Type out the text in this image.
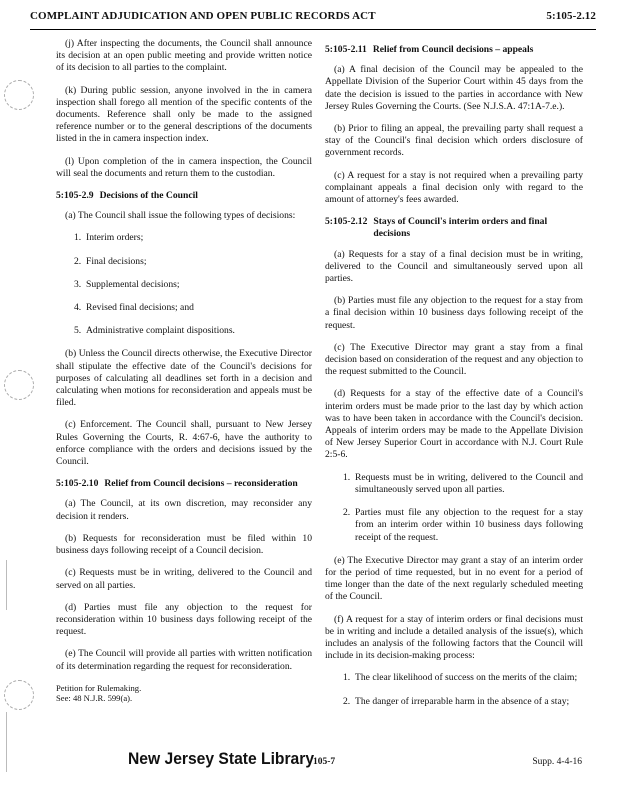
COMPLAINT ADJUDICATION AND OPEN PUBLIC RECORDS ACT	5:105-2.12

(j) After inspecting the documents, the Council shall announce its decision at an open public meeting and provide written notice of its decision to all parties to the complaint.

(k) During public session, anyone involved in the in camera inspection shall forego all mention of the specific contents of the documents. Reference shall only be made to the assigned reference number or to the general descriptions of the documents listed in the in camera inspection index.

(l) Upon completion of the in camera inspection, the Council will seal the documents and return them to the custodian.

5:105-2.9 Decisions of the Council

(a) The Council shall issue the following types of decisions:

1. Interim orders;
2. Final decisions;
3. Supplemental decisions;
4. Revised final decisions; and
5. Administrative complaint dispositions.

(b) Unless the Council directs otherwise, the Executive Director shall stipulate the effective date of the Council's decisions for purposes of calculating all deadlines set forth in a decision and calculating when motions for reconsideration and appeals must be filed.

(c) Enforcement. The Council shall, pursuant to New Jersey Rules Governing the Courts, R. 4:67-6, have the authority to enforce compliance with the orders and decisions issued by the Council.

5:105-2.10 Relief from Council decisions – reconsideration

(a) The Council, at its own discretion, may reconsider any decision it renders.

(b) Requests for reconsideration must be filed within 10 business days following receipt of a Council decision.

(c) Requests must be in writing, delivered to the Council and served on all parties.

(d) Parties must file any objection to the request for reconsideration within 10 business days following receipt of the request.

(e) The Council will provide all parties with written notification of its determination regarding the request for reconsideration.

Petition for Rulemaking.
See: 48 N.J.R. 599(a).
5:105-2.11 Relief from Council decisions – appeals

(a) A final decision of the Council may be appealed to the Appellate Division of the Superior Court within 45 days from the date the decision is issued to the parties in accordance with New Jersey Rules Governing the Courts. (See N.J.S.A. 47:1A-7.e.).

(b) Prior to filing an appeal, the prevailing party shall request a stay of the Council's final decision which orders disclosure of government records.

(c) A request for a stay is not required when a prevailing party complainant appeals a final decision only with regard to the amount of attorney's fees awarded.

5:105-2.12 Stays of Council's interim orders and final decisions

(a) Requests for a stay of a final decision must be in writing, delivered to the Council and simultaneously served upon all parties.

(b) Parties must file any objection to the request for a stay from a final decision within 10 business days following receipt of the request.

(c) The Executive Director may grant a stay from a final decision based on consideration of the request and any objection to the request submitted to the Council.

(d) Requests for a stay of the effective date of a Council's interim orders must be made prior to the last day by which action was to have been taken in accordance with the Council's decision. Appeals of interim orders may be made to the Appellate Division of New Jersey Superior Court in accordance with N.J. Court Rule 2:5-6.

1. Requests must be in writing, delivered to the Council and simultaneously served upon all parties.
2. Parties must file any objection to the request for a stay from an interim order within 10 business days following receipt of the request.

(e) The Executive Director may grant a stay of an interim order for the period of time requested, but in no event for a period of time longer than the date of the next regularly scheduled meeting of the Council.

(f) A request for a stay of interim orders or final decisions must be in writing and include a detailed analysis of the issue(s), which includes an analysis of the following factors that the Council will include in its decision-making process:

1. The clear likelihood of success on the merits of the claim;
2. The danger of irreparable harm in the absence of a stay;
New Jersey State Library
105-7	Supp. 4-4-16
